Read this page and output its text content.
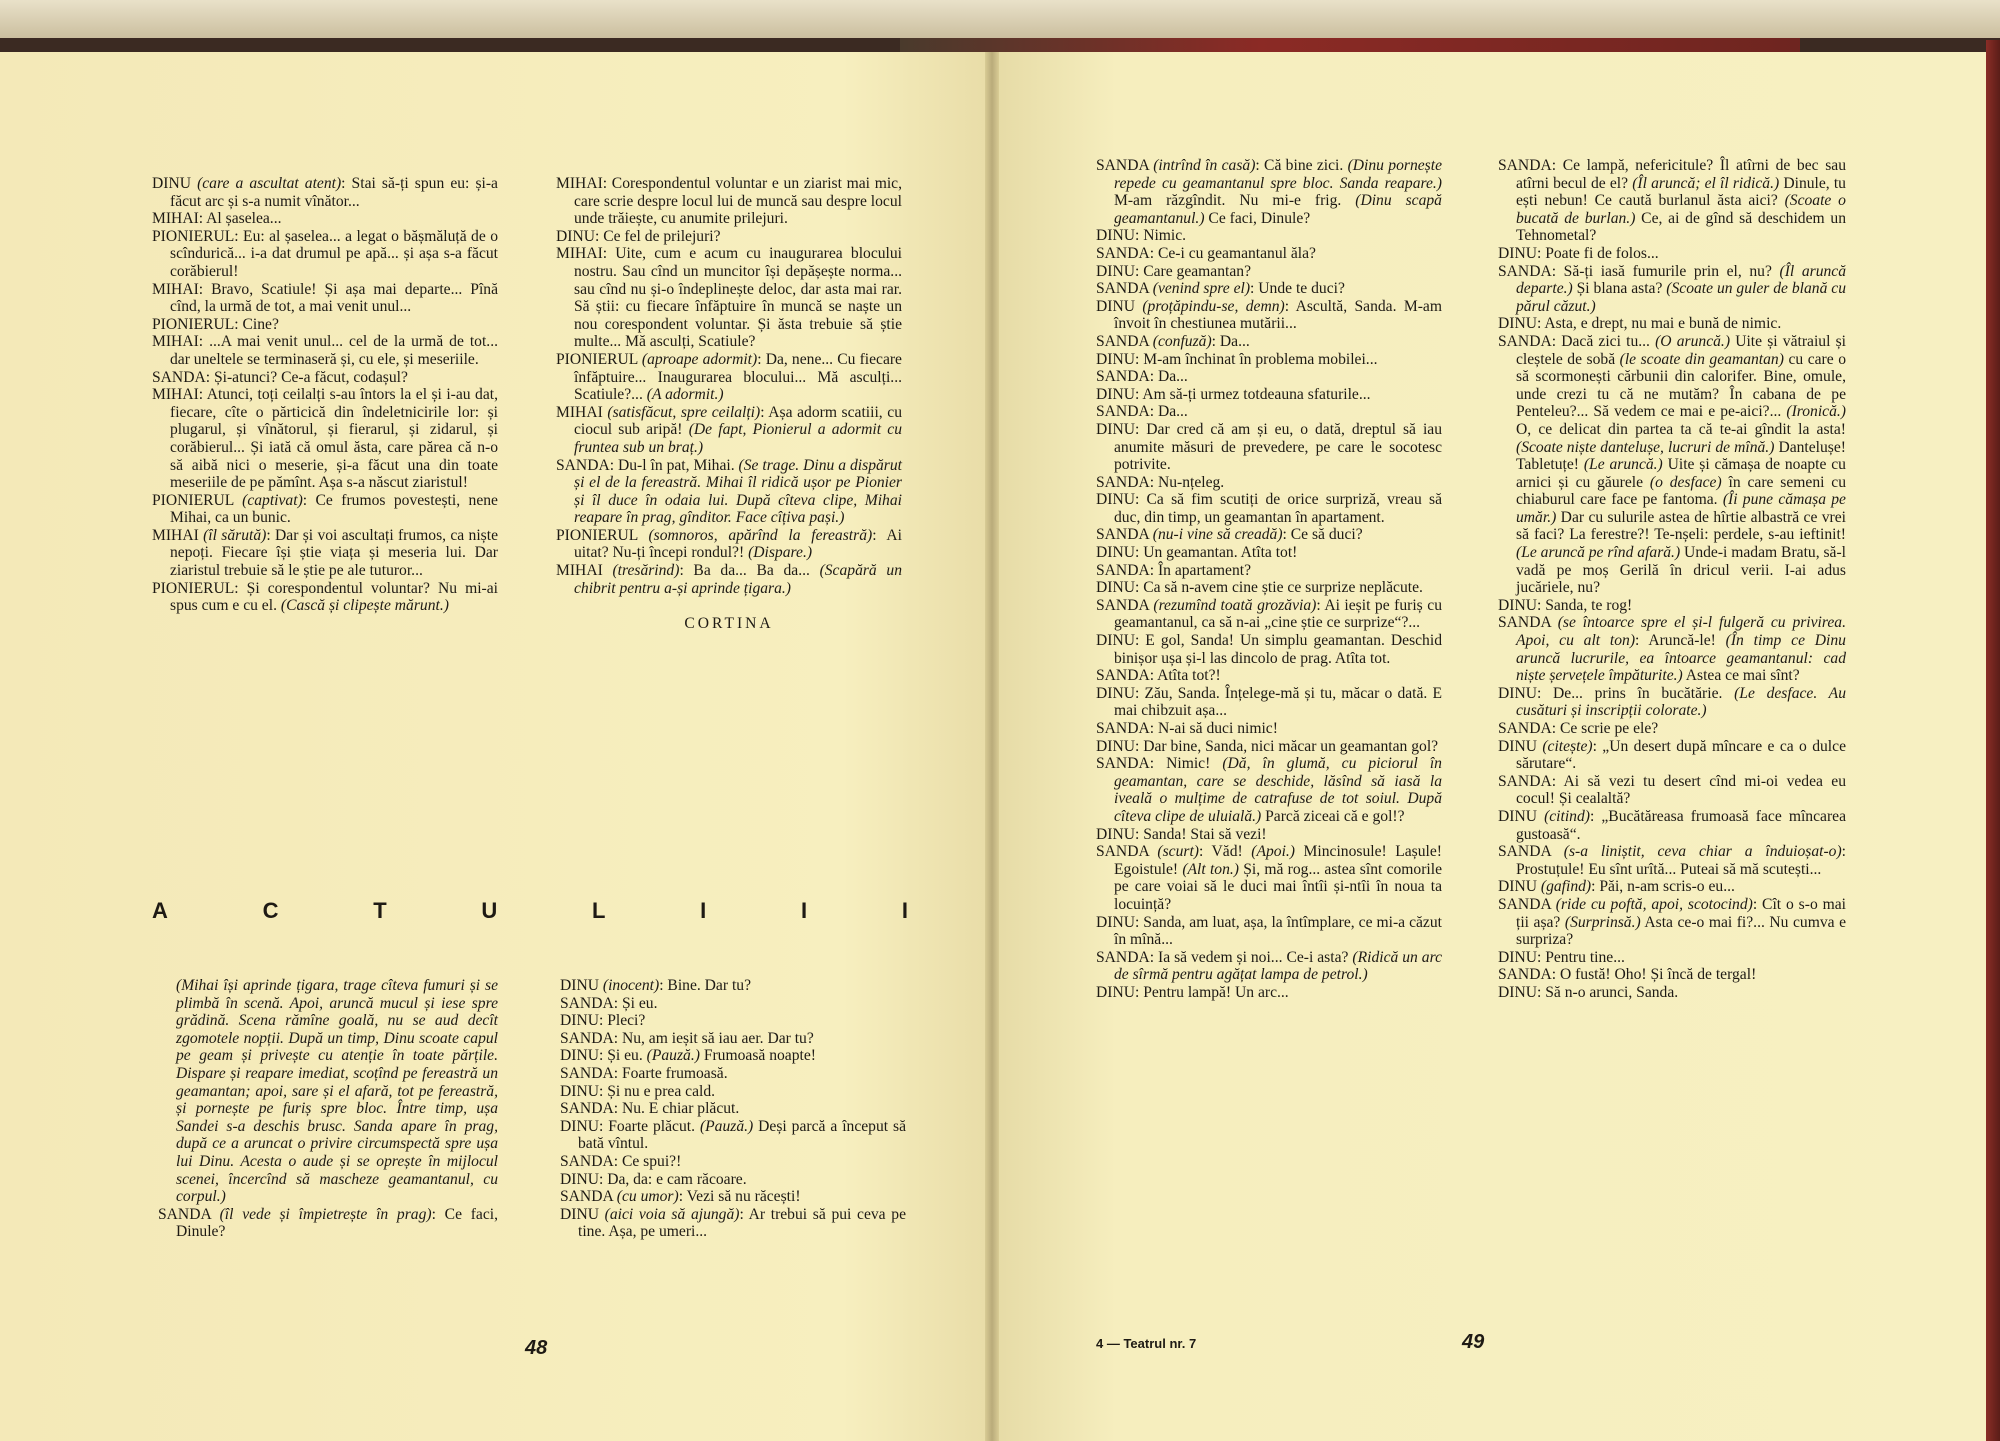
DINU (care a ascultat atent): Stai să-ți spun eu: și-a făcut arc și s-a numit vînător...

MIHAI: Al șaselea...

PIONIERUL: Eu: al șaselea... a legat o bășmăluță de o scîndurică... i-a dat drumul pe apă... și așa s-a făcut corăbierul!

MIHAI: Bravo, Scatiule! Și așa mai departe... Pînă cînd, la urmă de tot, a mai venit unul...

PIONIERUL: Cine?

MIHAI: ...A mai venit unul... cel de la urmă de tot... dar uneltele se terminaseră și, cu ele, și meseriile.

SANDA: Și-atunci? Ce-a făcut, codașul?

MIHAI: Atunci, toți ceilalți s-au întors la el și i-au dat, fiecare, cîte o părticică din îndeletnicirile lor: și plugarul, și vînătorul, și fierarul, și zidarul, și corăbierul... Și iată că omul ăsta, care părea că n-o să aibă nici o meserie, și-a făcut una din toate meseriile de pe pămînt. Așa s-a născut ziaristul!

PIONIERUL (captivat): Ce frumos povestești, nene Mihai, ca un bunic.

MIHAI (îl sărută): Dar și voi ascultați frumos, ca niște nepoți. Fiecare își știe viața și meseria lui. Dar ziaristul trebuie să le știe pe ale tuturor...

PIONIERUL: Și corespondentul voluntar? Nu mi-ai spus cum e cu el. (Cască și clipește mărunt.)

MIHAI: Corespondentul voluntar e un ziarist mai mic, care scrie despre locul lui de muncă sau despre locul unde trăiește, cu anumite prilejuri.

DINU: Ce fel de prilejuri?

MIHAI: Uite, cum e acum cu inaugurarea blocului nostru. Sau cînd un muncitor își depășește norma... sau cînd nu și-o îndeplinește deloc, dar asta mai rar. Să știi: cu fiecare înfăptuire în muncă se naște un nou corespondent voluntar. Și ăsta trebuie să știe multe... Mă asculți, Scatiule?

PIONIERUL (aproape adormit): Da, nene... Cu fiecare înfăptuire... Inaugurarea blocului... Mă asculți... Scatiule?... (A adormit.)

MIHAI (satisfăcut, spre ceilalți): Așa adorm scatiii, cu ciocul sub aripă! (De fapt, Pionierul a adormit cu fruntea sub un braț.)

SANDA: Du-l în pat, Mihai. (Se trage. Dinu a dispărut și el de la fereastră. Mihai îl ridică ușor pe Pionier și îl duce în odaia lui. După cîteva clipe, Mihai reapare în prag, gînditor. Face cîțiva pași.)

PIONIERUL (somnoros, apărînd la fereastră): Ai uitat? Nu-ți începi rondul?! (Dispare.)

MIHAI (tresărind): Ba da... Ba da... (Scapără un chibrit pentru a-și aprinde țigara.)

CORTINA

A	C	T	U	L	I	I	I

(Mihai își aprinde țigara, trage cîteva fumuri și se plimbă în scenă. Apoi, aruncă mucul și iese spre grădină. Scena rămîne goală, nu se aud decît zgomotele nopții. După un timp, Dinu scoate capul pe geam și privește cu atenție în toate părțile. Dispare și reapare imediat, scoțînd pe fereastră un geamantan; apoi, sare și el afară, tot pe fereastră, și pornește pe furiș spre bloc. Între timp, ușa Sandei s-a deschis brusc. Sanda apare în prag, după ce a aruncat o privire circumspectă spre ușa lui Dinu. Acesta o aude și se oprește în mijlocul scenei, încercînd să mascheze geamantanul, cu corpul.)

SANDA (îl vede și împietrește în prag): Ce faci, Dinule?

DINU (inocent): Bine. Dar tu?

SANDA: Și eu.

DINU: Pleci?

SANDA: Nu, am ieșit să iau aer. Dar tu?

DINU: Și eu. (Pauză.) Frumoasă noapte!

SANDA: Foarte frumoasă.

DINU: Și nu e prea cald.

SANDA: Nu. E chiar plăcut.

DINU: Foarte plăcut. (Pauză.) Deși parcă a început să bată vîntul.

SANDA: Ce spui?!

DINU: Da, da: e cam răcoare.

SANDA (cu umor): Vezi să nu răcești!

DINU (aici voia să ajungă): Ar trebui să pui ceva pe tine. Așa, pe umeri...

48

SANDA (intrînd în casă): Că bine zici. (Dinu pornește repede cu geamantanul spre bloc. Sanda reapare.) M-am răzgîndit. Nu mi-e frig. (Dinu scapă geamantanul.) Ce faci, Dinule?

DINU: Nimic.

SANDA: Ce-i cu geamantanul ăla?

DINU: Care geamantan?

SANDA (venind spre el): Unde te duci?

DINU (proțăpindu-se, demn): Ascultă, Sanda. M-am învoit în chestiunea mutării...

SANDA (confuză): Da...

DINU: M-am închinat în problema mobilei...

SANDA: Da...

DINU: Am să-ți urmez totdeauna sfaturile...

SANDA: Da...

DINU: Dar cred că am și eu, o dată, dreptul să iau anumite măsuri de prevedere, pe care le socotesc potrivite.

SANDA: Nu-nțeleg.

DINU: Ca să fim scutiți de orice surpriză, vreau să duc, din timp, un geamantan în apartament.

SANDA (nu-i vine să creadă): Ce să duci?

DINU: Un geamantan. Atîta tot!

SANDA: În apartament?

DINU: Ca să n-avem cine știe ce surprize neplăcute.

SANDA (rezumînd toată grozăvia): Ai ieșit pe furiș cu geamantanul, ca să n-ai „cine știe ce surprize“?...

DINU: E gol, Sanda! Un simplu geamantan. Deschid binișor ușa și-l las dincolo de prag. Atîta tot.

SANDA: Atîta tot?!

DINU: Zău, Sanda. Înțelege-mă și tu, măcar o dată. E mai chibzuit așa...

SANDA: N-ai să duci nimic!

DINU: Dar bine, Sanda, nici măcar un geamantan gol?

SANDA: Nimic! (Dă, în glumă, cu piciorul în geamantan, care se deschide, lăsînd să iasă la iveală o mulțime de catrafuse de tot soiul. După cîteva clipe de uluială.) Parcă ziceai că e gol!?

DINU: Sanda! Stai să vezi!

SANDA (scurt): Văd! (Apoi.) Mincinosule! Lașule! Egoistule! (Alt ton.) Și, mă rog... astea sînt comorile pe care voiai să le duci mai întîi și-ntîi în noua ta locuință?

DINU: Sanda, am luat, așa, la întîmplare, ce mi-a căzut în mînă...

SANDA: Ia să vedem și noi... Ce-i asta? (Ridică un arc de sîrmă pentru agățat lampa de petrol.)

DINU: Pentru lampă! Un arc...

SANDA: Ce lampă, nefericitule? Îl atîrni de bec sau atîrni becul de el? (Îl aruncă; el îl ridică.) Dinule, tu ești nebun! Ce caută burlanul ăsta aici? (Scoate o bucată de burlan.) Ce, ai de gînd să deschidem un Tehnometal?

DINU: Poate fi de folos...

SANDA: Să-ți iasă fumurile prin el, nu? (Îl aruncă departe.) Și blana asta? (Scoate un guler de blană cu părul căzut.)

DINU: Asta, e drept, nu mai e bună de nimic.

SANDA: Dacă zici tu... (O aruncă.) Uite și vătraiul și cleștele de sobă (le scoate din geamantan) cu care o să scormonești cărbunii din calorifer. Bine, omule, unde crezi tu că ne mutăm? În cabana de pe Penteleu?... Să vedem ce mai e pe-aici?... (Ironică.) O, ce delicat din partea ta că te-ai gîndit la asta! (Scoate niște dantelușe, lucruri de mînă.) Dantelușe! Tabletuțe! (Le aruncă.) Uite și cămașa de noapte cu arnici și cu găurele (o desface) în care semeni cu chiaburul care face pe fantoma. (Îi pune cămașa pe umăr.) Dar cu sulurile astea de hîrtie albastră ce vrei să faci? La ferestre?! Te-nșeli: perdele, s-au ieftinit! (Le aruncă pe rînd afară.) Unde-i madam Bratu, să-l vadă pe moș Gerilă în dricul verii. I-ai adus jucăriele, nu?

DINU: Sanda, te rog!

SANDA (se întoarce spre el și-l fulgeră cu privirea. Apoi, cu alt ton): Aruncă-le! (În timp ce Dinu aruncă lucrurile, ea întoarce geamantanul: cad niște șervețele împăturite.) Astea ce mai sînt?

DINU: De... prins în bucătărie. (Le desface. Au cusături și inscripții colorate.)

SANDA: Ce scrie pe ele?

DINU (citește): „Un desert după mîncare e ca o dulce sărutare“.

SANDA: Ai să vezi tu desert cînd mi-oi vedea eu cocul! Și cealaltă?

DINU (citind): „Bucătăreasa frumoasă face mîncarea gustoasă“.

SANDA (s-a liniștit, ceva chiar a înduioșat-o): Prostuțule! Eu sînt urîtă... Puteai să mă scutești...

DINU (gafind): Păi, n-am scris-o eu...

SANDA (ride cu poftă, apoi, scotocind): Cît o s-o mai ții așa? (Surprinsă.) Asta ce-o mai fi?... Nu cumva e surpriza?

DINU: Pentru tine...

SANDA: O fustă! Oho! Și încă de tergal!

DINU: Să n-o arunci, Sanda.

4 — Teatrul nr. 7	49
